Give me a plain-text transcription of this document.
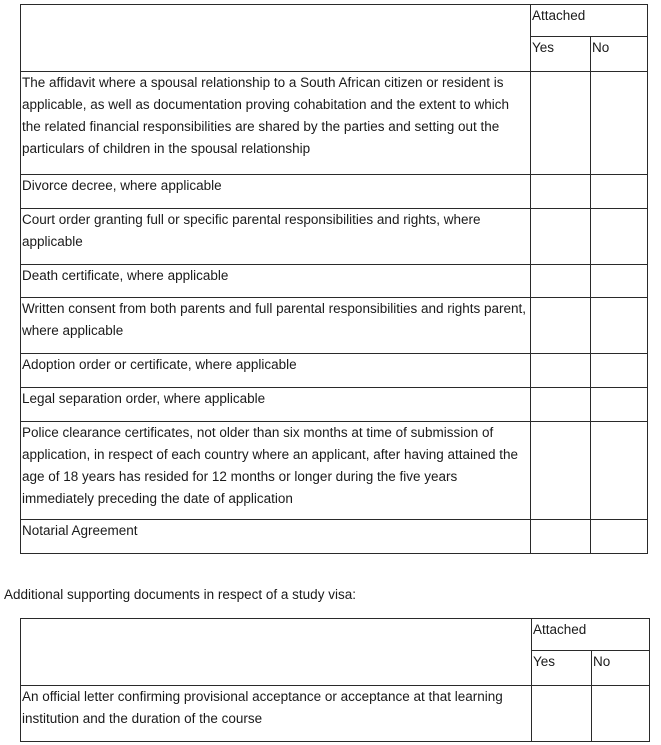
	Attached	
	Yes	No
The affidavit where a spousal relationship to a South African citizen or resident is applicable, as well as documentation proving cohabitation and the extent to which the related financial responsibilities are shared by the parties and setting out the particulars of children in the spousal relationship		
Divorce decree, where applicable		
Court order granting full or specific parental responsibilities and rights, where applicable		
Death certificate, where applicable		
Written consent from both parents and full parental responsibilities and rights parent, where applicable		
Adoption order or certificate, where applicable		
Legal separation order, where applicable		
Police clearance certificates, not older than six months at time of submission of application, in respect of each country where an applicant, after having attained the age of 18 years has resided for 12 months or longer during the five years immediately preceding the date of application		
Notarial Agreement		
Additional supporting documents in respect of a study visa:
	Attached	
	Yes	No
An official letter confirming provisional acceptance or acceptance at that learning institution and the duration of the course		
